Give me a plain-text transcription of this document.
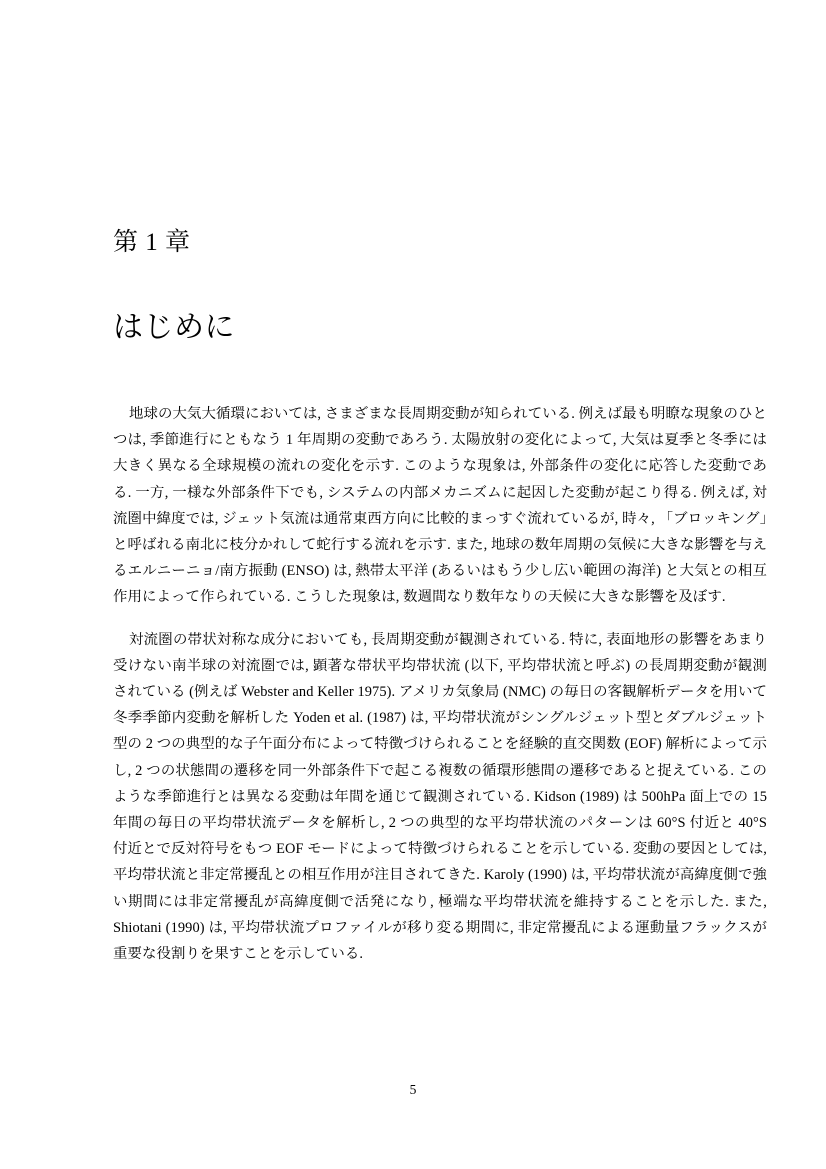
第 1 章
はじめに

地球の大気大循環においては, さまざまな長周期変動が知られている. 例えば最も明瞭な現象のひとつは, 季節進行にともなう 1 年周期の変動であろう. 太陽放射の変化によって, 大気は夏季と冬季には大きく異なる全球規模の流れの変化を示す. このような現象は, 外部条件の変化に応答した変動である. 一方, 一様な外部条件下でも, システムの内部メカニズムに起因した変動が起こり得る. 例えば, 対流圏中緯度では, ジェット気流は通常東西方向に比較的まっすぐ流れているが, 時々, 「ブロッキング」と呼ばれる南北に枝分かれして蛇行する流れを示す. また, 地球の数年周期の気候に大きな影響を与えるエルニーニョ/南方振動 (ENSO) は, 熱帯太平洋 (あるいはもう少し広い範囲の海洋) と大気との相互作用によって作られている. こうした現象は, 数週間なり数年なりの天候に大きな影響を及ぼす.

対流圏の帯状対称な成分においても, 長周期変動が観測されている. 特に, 表面地形の影響をあまり受けない南半球の対流圏では, 顕著な帯状平均帯状流 (以下, 平均帯状流と呼ぶ) の長周期変動が観測されている (例えば Webster and Keller 1975). アメリカ気象局 (NMC) の毎日の客観解析データを用いて冬季季節内変動を解析した Yoden et al. (1987) は, 平均帯状流がシングルジェット型とダブルジェット型の 2 つの典型的な子午面分布によって特徴づけられることを経験的直交関数 (EOF) 解析によって示し, 2 つの状態間の遷移を同一外部条件下で起こる複数の循環形態間の遷移であると捉えている. このような季節進行とは異なる変動は年間を通じて観測されている. Kidson (1989) は 500hPa 面上での 15 年間の毎日の平均帯状流データを解析し, 2 つの典型的な平均帯状流のパターンは 60°S 付近と 40°S 付近とで反対符号をもつ EOF モードによって特徴づけられることを示している. 変動の要因としては, 平均帯状流と非定常擾乱との相互作用が注目されてきた. Karoly (1990) は, 平均帯状流が高緯度側で強い期間には非定常擾乱が高緯度側で活発になり, 極端な平均帯状流を維持することを示した. また, Shiotani (1990) は, 平均帯状流プロファイルが移り変る期間に, 非定常擾乱による運動量フラックスが重要な役割りを果すことを示している.

5
